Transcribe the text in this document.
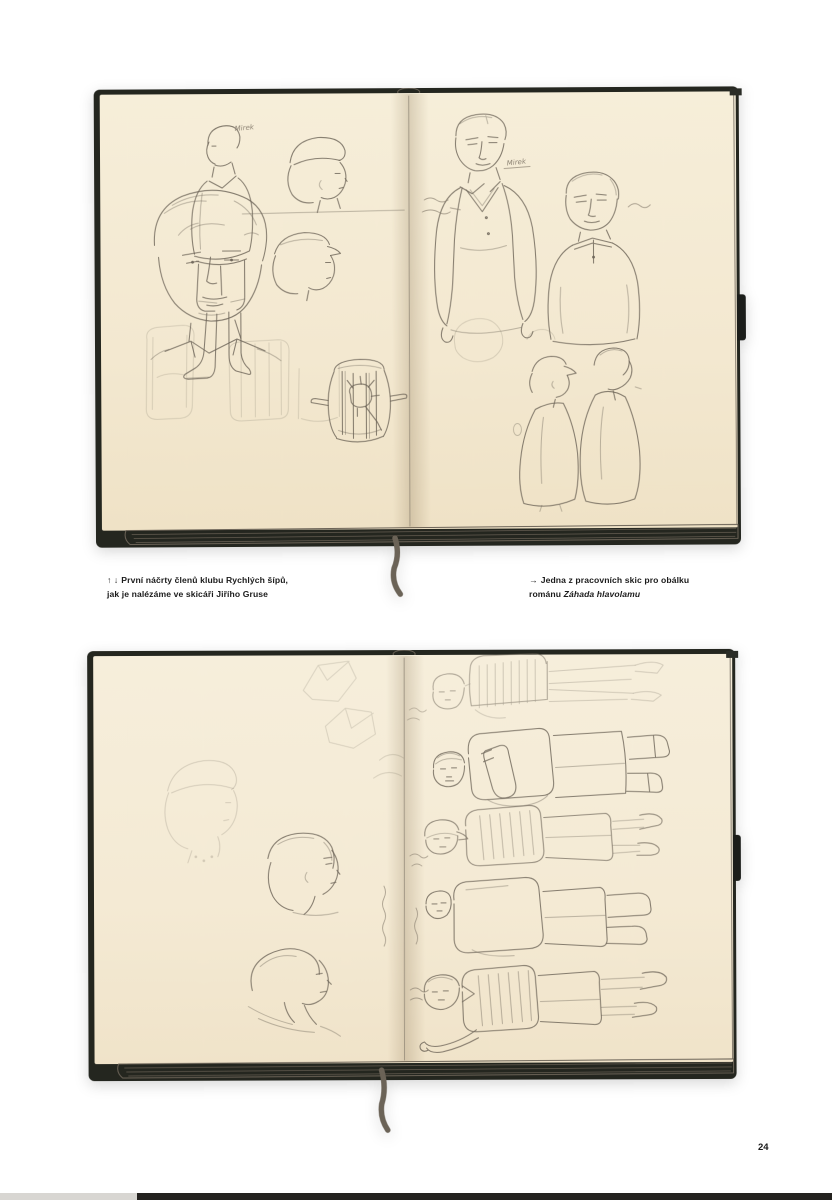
Mirek
Mirek
↑ ↓ První náčrty členů klubu Rychlých šípů,
jak je nalézáme ve skicáři Jiřího Gruse
→ Jedna z pracovních skic pro obálku
románu Záhada hlavolamu
24
